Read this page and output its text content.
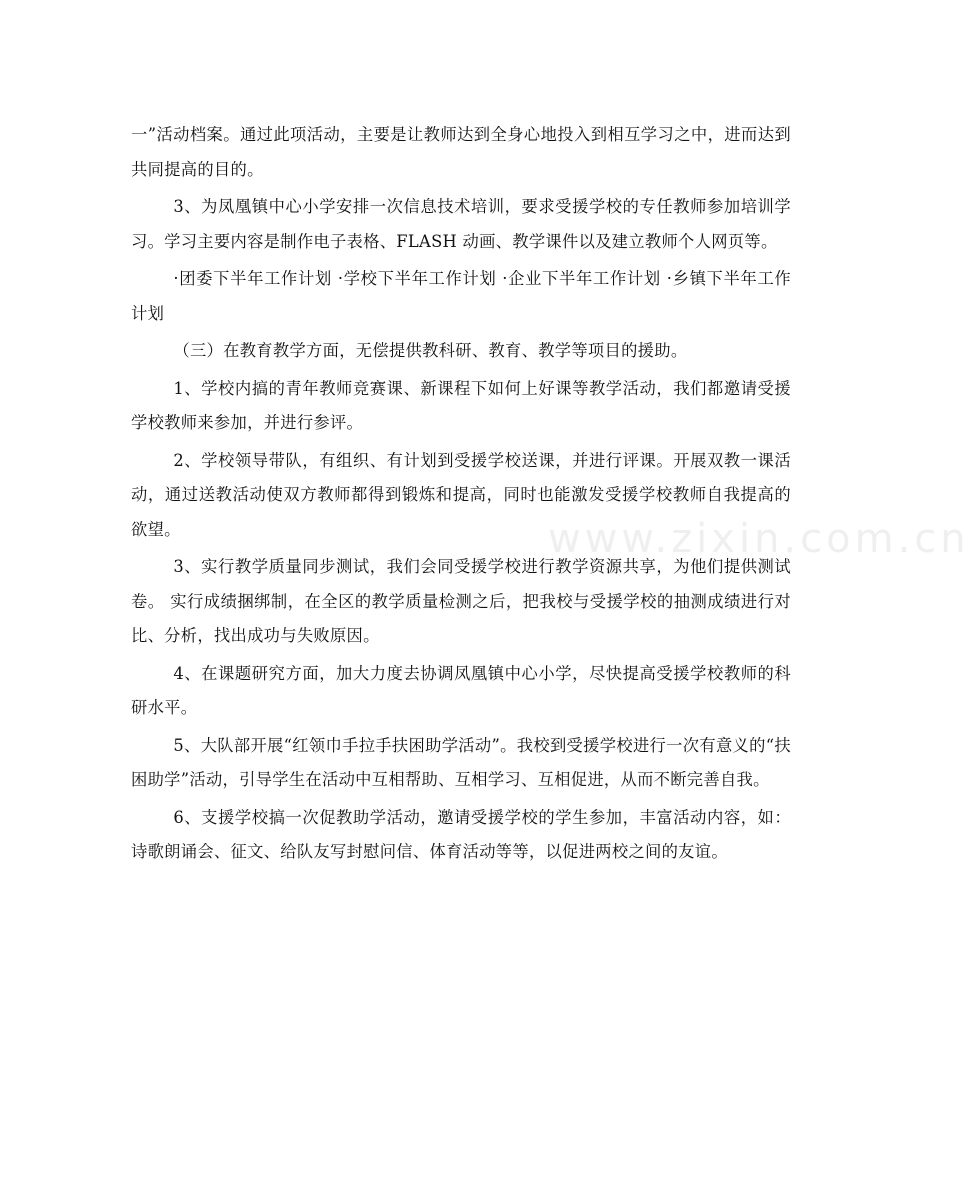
www.zixin.com.cn

一”活动档案。通过此项活动，主要是让教师达到全身心地投入到相互学习之中，进而达到共同提高的目的。

3、为凤凰镇中心小学安排一次信息技术培训，要求受援学校的专任教师参加培训学习。学习主要内容是制作电子表格、FLASH 动画、教学课件以及建立教师个人网页等。

·团委下半年工作计划 ·学校下半年工作计划 ·企业下半年工作计划 ·乡镇下半年工作计划

（三）在教育教学方面，无偿提供教科研、教育、教学等项目的援助。

1、学校内搞的青年教师竞赛课、新课程下如何上好课等教学活动，我们都邀请受援学校教师来参加，并进行参评。

2、学校领导带队，有组织、有计划到受援学校送课，并进行评课。开展双教一课活动，通过送教活动使双方教师都得到锻炼和提高，同时也能激发受援学校教师自我提高的欲望。

3、实行教学质量同步测试，我们会同受援学校进行教学资源共享，为他们提供测试卷。 实行成绩捆绑制，在全区的教学质量检测之后，把我校与受援学校的抽测成绩进行对比、分析，找出成功与失败原因。

4、在课题研究方面，加大力度去协调凤凰镇中心小学，尽快提高受援学校教师的科研水平。

5、大队部开展“红领巾手拉手扶困助学活动”。我校到受援学校进行一次有意义的“扶困助学”活动，引导学生在活动中互相帮助、互相学习、互相促进，从而不断完善自我。

6、支援学校搞一次促教助学活动，邀请受援学校的学生参加，丰富活动内容，如：诗歌朗诵会、征文、给队友写封慰问信、体育活动等等，以促进两校之间的友谊。
